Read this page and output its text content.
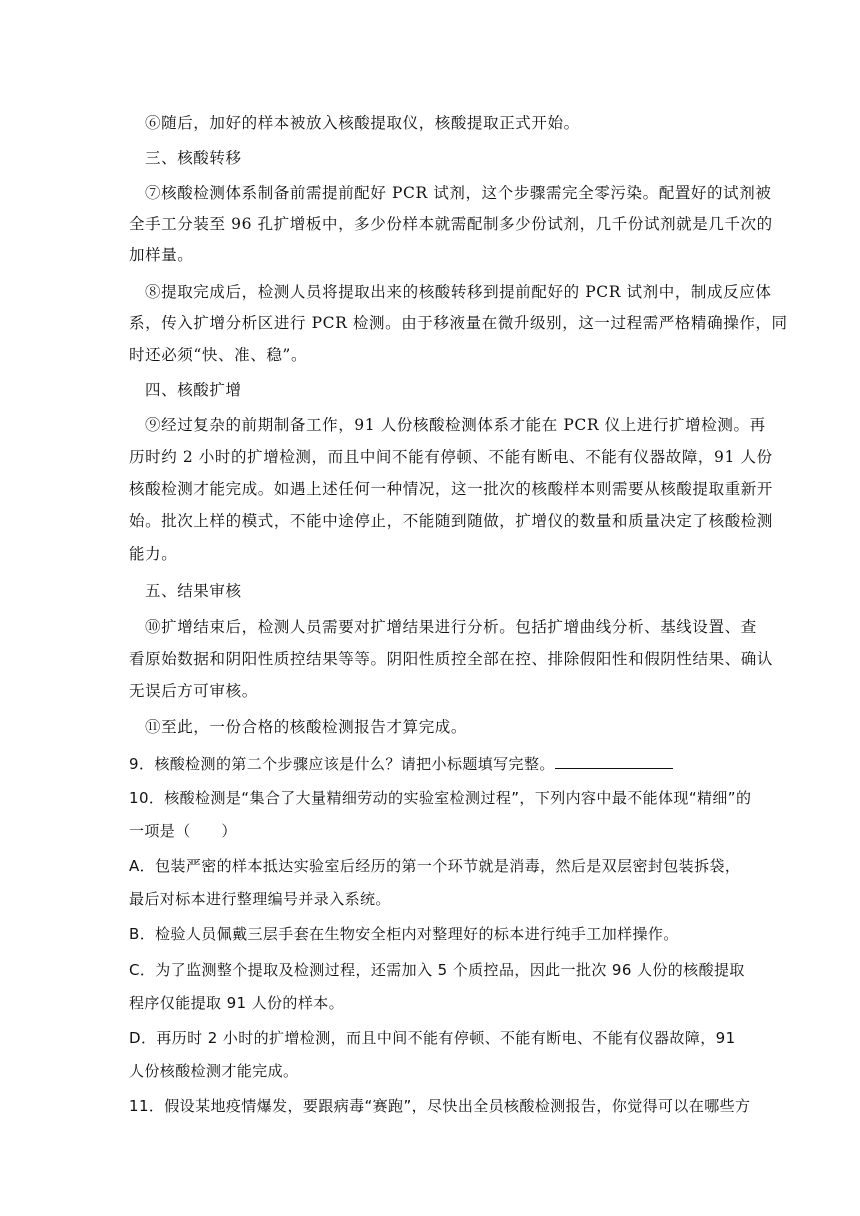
⑥随后，加好的样本被放入核酸提取仪，核酸提取正式开始。
三、核酸转移
⑦核酸检测体系制备前需提前配好 PCR 试剂，这个步骤需完全零污染。配置好的试剂被
全手工分装至 96 孔扩增板中，多少份样本就需配制多少份试剂，几千份试剂就是几千次的
加样量。
⑧提取完成后，检测人员将提取出来的核酸转移到提前配好的 PCR 试剂中，制成反应体
系，传入扩增分析区进行 PCR 检测。由于移液量在微升级别，这一过程需严格精确操作，同
时还必须“快、准、稳”。
四、核酸扩增
⑨经过复杂的前期制备工作，91 人份核酸检测体系才能在 PCR 仪上进行扩增检测。再
历时约 2 小时的扩增检测，而且中间不能有停顿、不能有断电、不能有仪器故障，91 人份
核酸检测才能完成。如遇上述任何一种情况，这一批次的核酸样本则需要从核酸提取重新开
始。批次上样的模式，不能中途停止，不能随到随做，扩增仪的数量和质量决定了核酸检测
能力。
五、结果审核
⑩扩增结束后，检测人员需要对扩增结果进行分析。包括扩增曲线分析、基线设置、查
看原始数据和阴阳性质控结果等等。阴阳性质控全部在控、排除假阳性和假阴性结果、确认
无误后方可审核。
⑪至此，一份合格的核酸检测报告才算完成。
9．核酸检测的第二个步骤应该是什么？请把小标题填写完整。
10．核酸检测是“集合了大量精细劳动的实验室检测过程”，下列内容中最不能体现“精细”的
一项是（　　）
A．包装严密的样本抵达实验室后经历的第一个环节就是消毒，然后是双层密封包装拆袋，
最后对标本进行整理编号并录入系统。
B．检验人员佩戴三层手套在生物安全柜内对整理好的标本进行纯手工加样操作。
C．为了监测整个提取及检测过程，还需加入 5 个质控品，因此一批次 96 人份的核酸提取
程序仅能提取 91 人份的样本。
D．再历时 2 小时的扩增检测，而且中间不能有停顿、不能有断电、不能有仪器故障，91
人份核酸检测才能完成。
11．假设某地疫情爆发，要跟病毒“赛跑”，尽快出全员核酸检测报告，你觉得可以在哪些方
